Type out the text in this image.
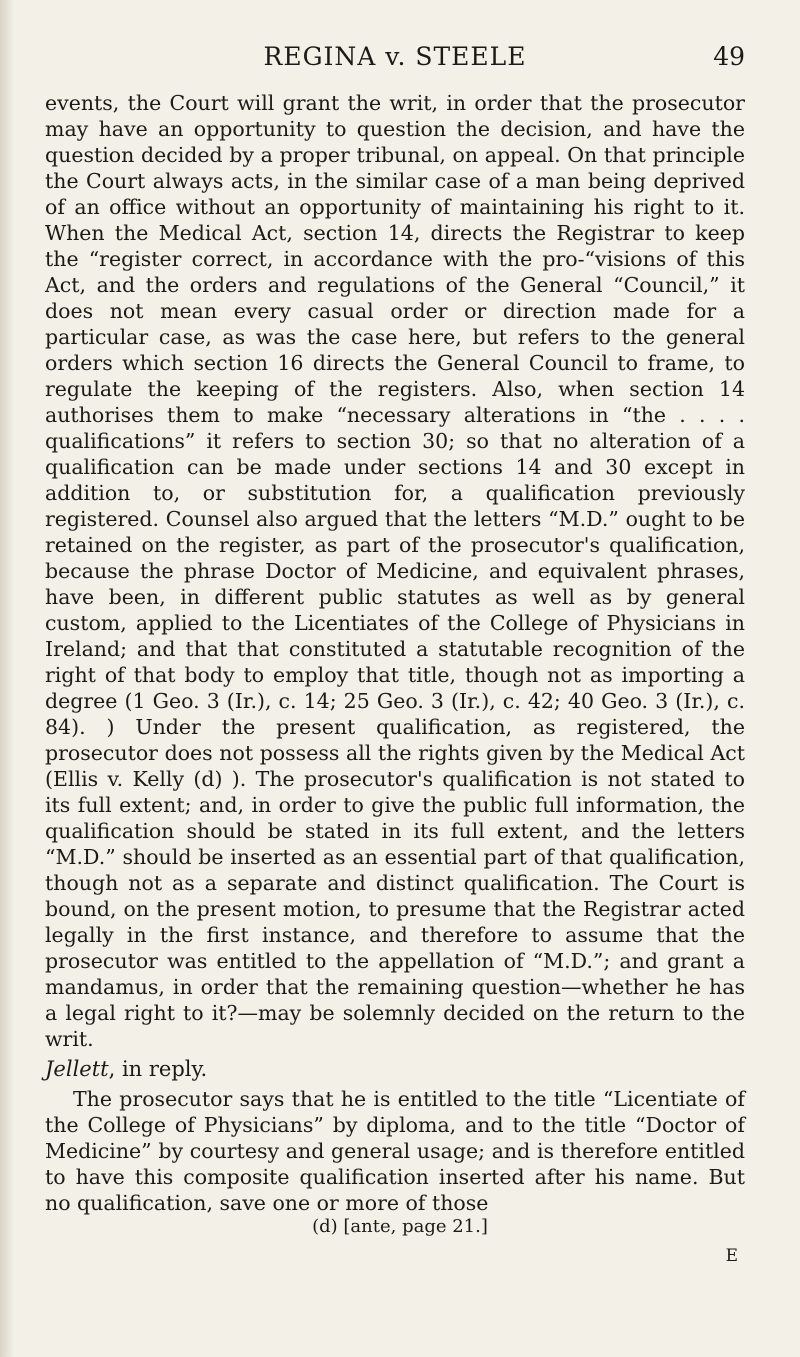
REGINA v. STEELE	49

events, the Court will grant the writ, in order that the prosecutor may have an opportunity to question the decision, and have the question decided by a proper tribunal, on appeal. On that principle the Court always acts, in the similar case of a man being deprived of an office without an opportunity of maintaining his right to it. When the Medical Act, section 14, directs the Registrar to keep the “register correct, in accordance with the pro-“visions of this Act, and the orders and regulations of the General “Council,” it does not mean every casual order or direction made for a particular case, as was the case here, but refers to the general orders which section 16 directs the General Council to frame, to regulate the keeping of the registers. Also, when section 14 authorises them to make “necessary alterations in “the . . . . qualifications” it refers to section 30; so that no alteration of a qualification can be made under sections 14 and 30 except in addition to, or substitution for, a qualification previously registered. Counsel also argued that the letters “M.D.” ought to be retained on the register, as part of the prosecutor's qualification, because the phrase Doctor of Medicine, and equivalent phrases, have been, in different public statutes as well as by general custom, applied to the Licentiates of the College of Physicians in Ireland; and that that constituted a statutable recognition of the right of that body to employ that title, though not as importing a degree (1 Geo. 3 (Ir.), c. 14; 25 Geo. 3 (Ir.), c. 42; 40 Geo. 3 (Ir.), c. 84). ) Under the present qualification, as registered, the prosecutor does not possess all the rights given by the Medical Act (Ellis v. Kelly (d) ). The prosecutor's qualification is not stated to its full extent; and, in order to give the public full information, the qualification should be stated in its full extent, and the letters “M.D.” should be inserted as an essential part of that qualification, though not as a separate and distinct qualification. The Court is bound, on the present motion, to presume that the Registrar acted legally in the first instance, and therefore to assume that the prosecutor was entitled to the appellation of “M.D.”; and grant a mandamus, in order that the remaining question—whether he has a legal right to it?—may be solemnly decided on the return to the writ.

Jellett, in reply.
The prosecutor says that he is entitled to the title “Licentiate of the College of Physicians” by diploma, and to the title “Doctor of Medicine” by courtesy and general usage; and is therefore entitled to have this composite qualification inserted after his name. But no qualification, save one or more of those
(d) [ante, page 21.]
E
